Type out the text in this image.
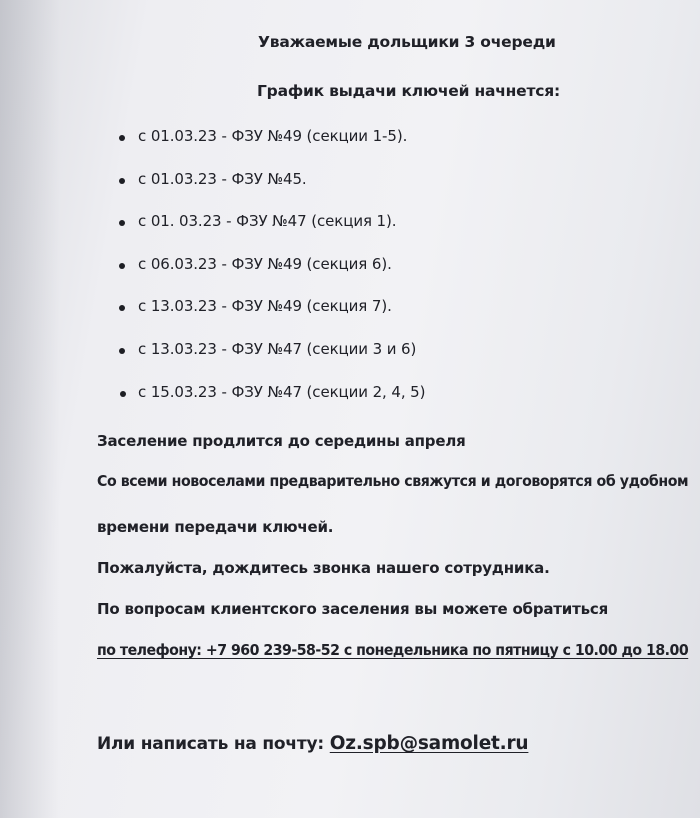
Уважаемые дольщики 3 очереди
График выдачи ключей начнется:
с 01.03.23 - ФЗУ №49 (секции 1-5).
с 01.03.23 - ФЗУ №45.
с 01. 03.23 - ФЗУ №47 (секция 1).
с 06.03.23 - ФЗУ №49 (секция 6).
с 13.03.23 - ФЗУ №49 (секция 7).
с 13.03.23 - ФЗУ №47 (секции 3 и 6)
с 15.03.23 - ФЗУ №47 (секции 2, 4, 5)
Заселение продлится до середины апреля
Со всеми новоселами предварительно свяжутся и договорятся об удобном
времени передачи ключей.
Пожалуйста, дождитесь звонка нашего сотрудника.
По вопросам клиентского заселения вы можете обратиться
по телефону: +7 960 239-58-52 с понедельника по пятницу с 10.00 до 18.00
Или написать на почту: Oz.spb@samolet.ru
